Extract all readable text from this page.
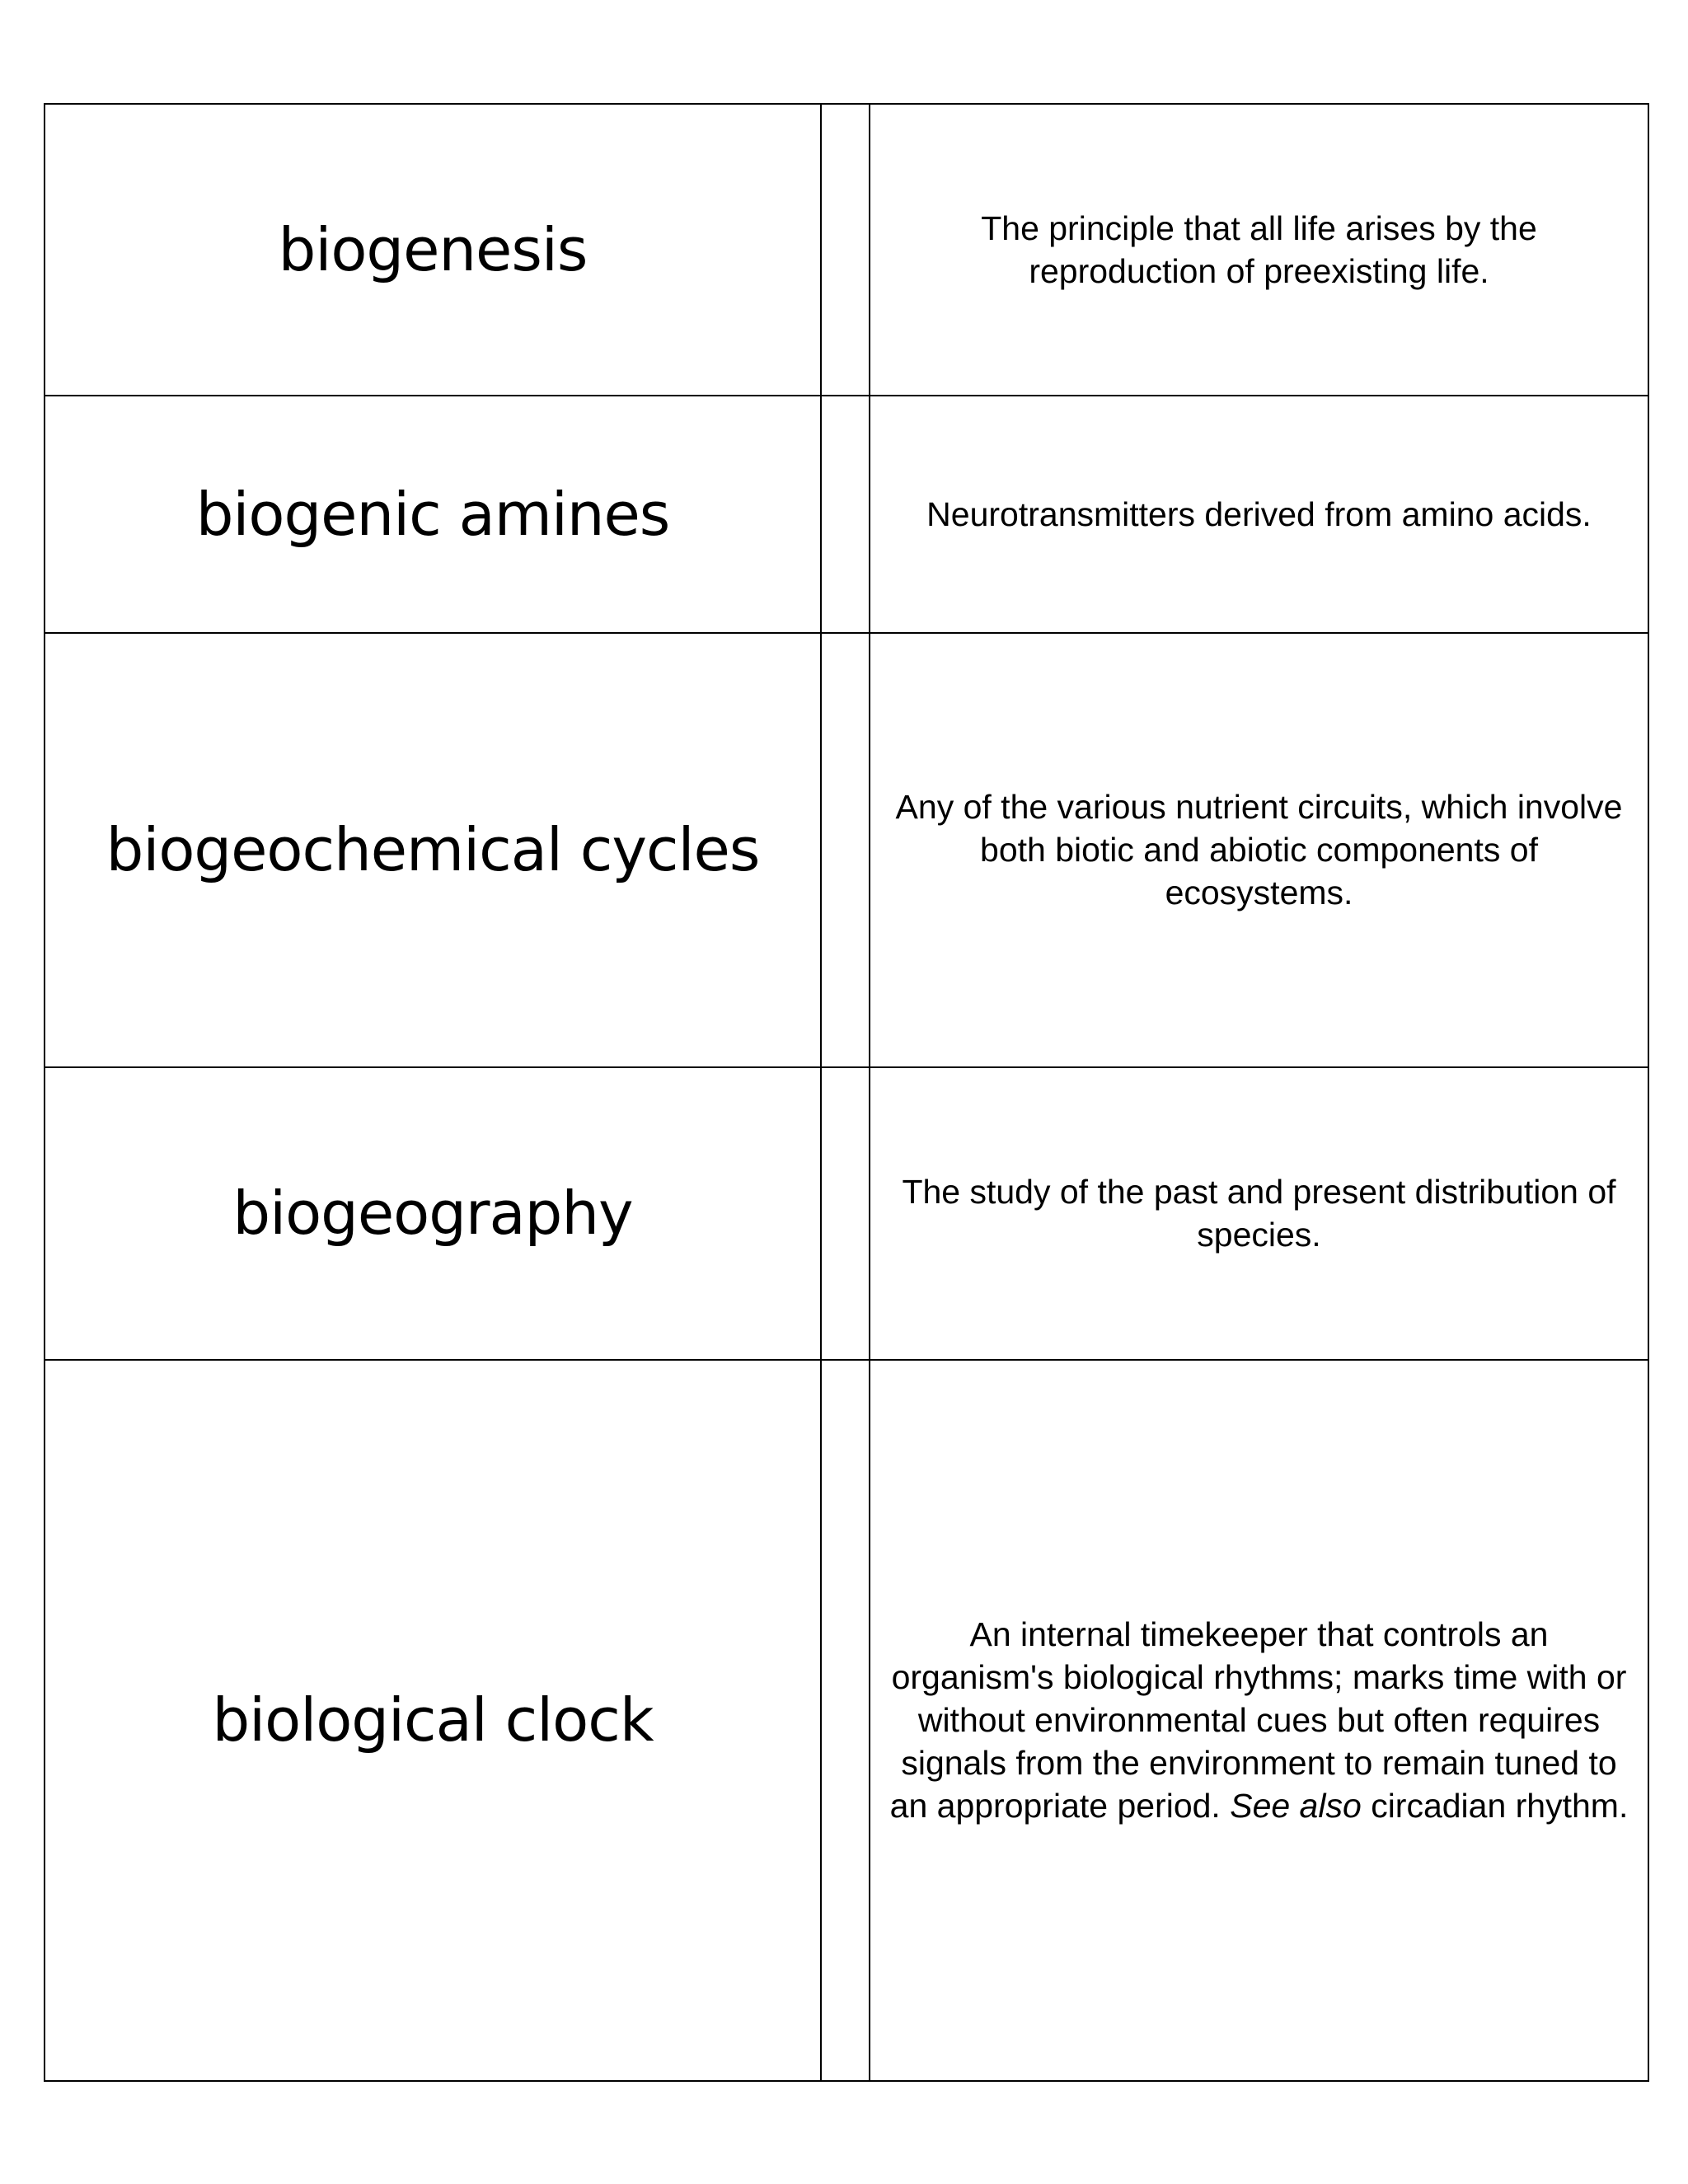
biogenesis		The principle that all life arises by the reproduction of preexisting life.
biogenic amines		Neurotransmitters derived from amino acids.
biogeochemical cycles		Any of the various nutrient circuits, which involve both biotic and abiotic components of ecosystems.
biogeography		The study of the past and present distribution of species.
biological clock		An internal timekeeper that controls an organism's biological rhythms; marks time with or without environmental cues but often requires signals from the environment to remain tuned to an appropriate period. See also circadian rhythm.
